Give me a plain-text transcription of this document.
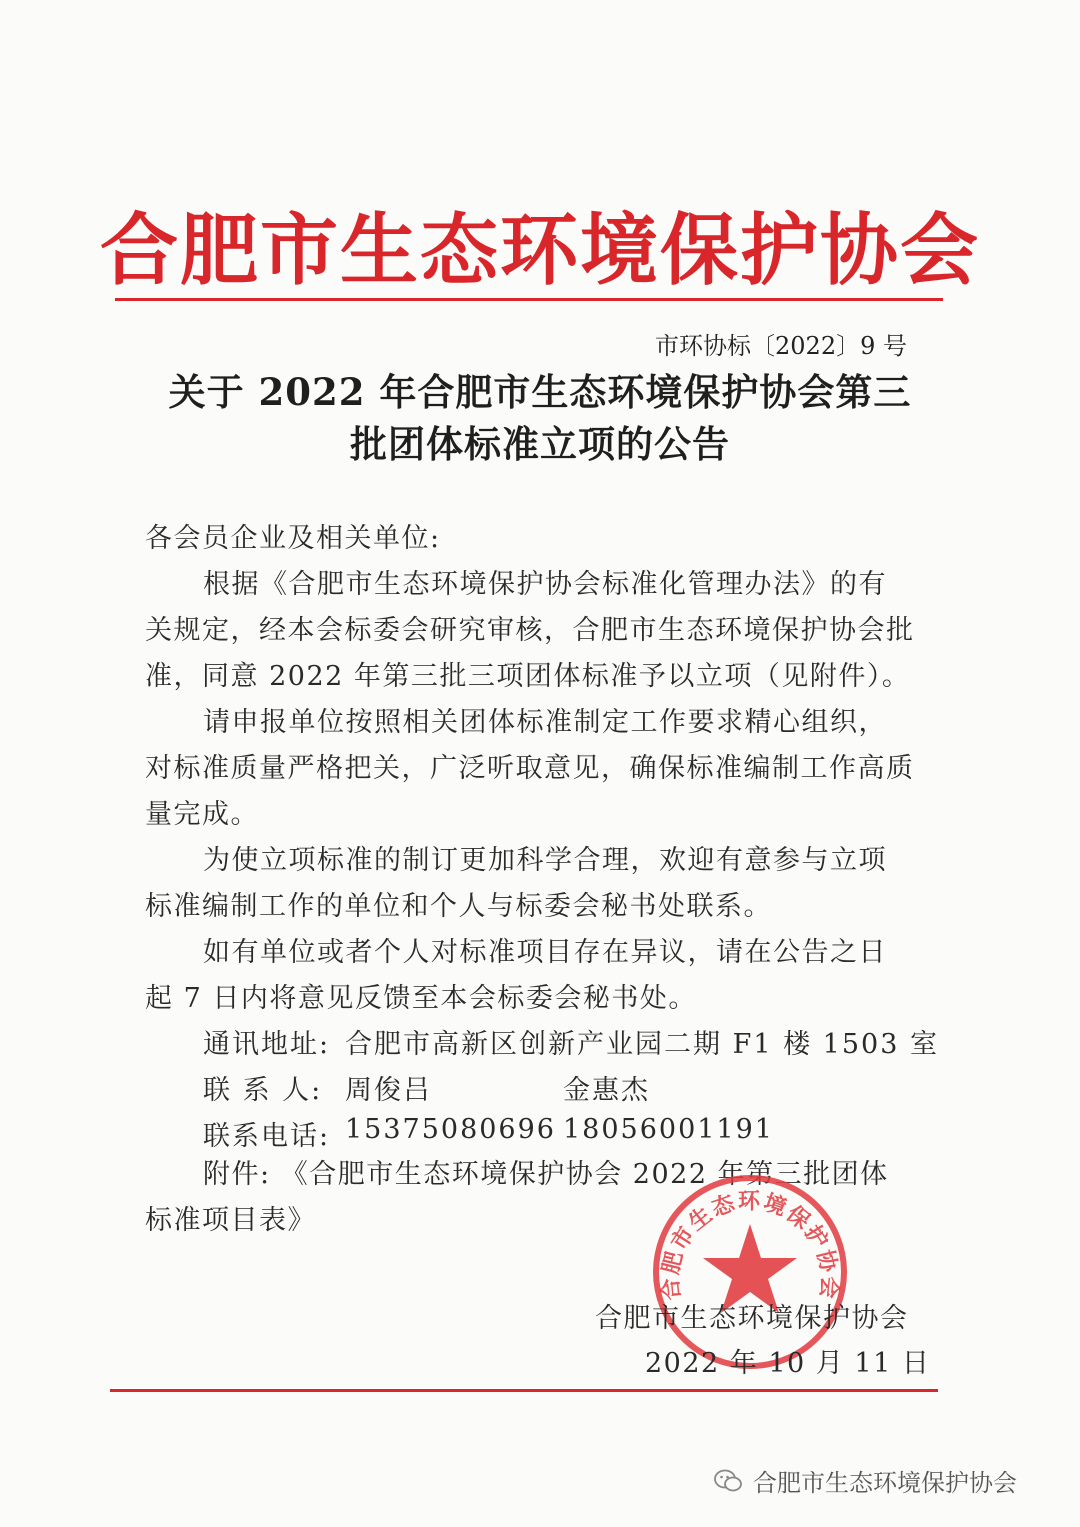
合肥市生态环境保护协会
市环协标〔2022〕9 号
关于 2022 年合肥市生态环境保护协会第三
批团体标准立项的公告
各会员企业及相关单位:
根据《合肥市生态环境保护协会标准化管理办法》的有关规定，经本会标委会研究审核，合肥市生态环境保护协会批准，同意 2022 年第三批三项团体标准予以立项（见附件）。
请申报单位按照相关团体标准制定工作要求精心组织，对标准质量严格把关，广泛听取意见，确保标准编制工作高质量完成。
为使立项标准的制订更加科学合理，欢迎有意参与立项标准编制工作的单位和个人与标委会秘书处联系。
如有单位或者个人对标准项目存在异议，请在公告之日起 7 日内将意见反馈至本会标委会秘书处。
通讯地址: 合肥市高新区创新产业园二期 F1 楼 1503 室
联 系 人: 周俊吕	金惠杰
联系电话: 15375080696 18056001191
附件: 《合肥市生态环境保护协会 2022 年第三批团体标准项目表》
合肥市生态环境保护协会
合肥市生态环境保护协会
2022 年 10 月 11 日
合肥市生态环境保护协会
